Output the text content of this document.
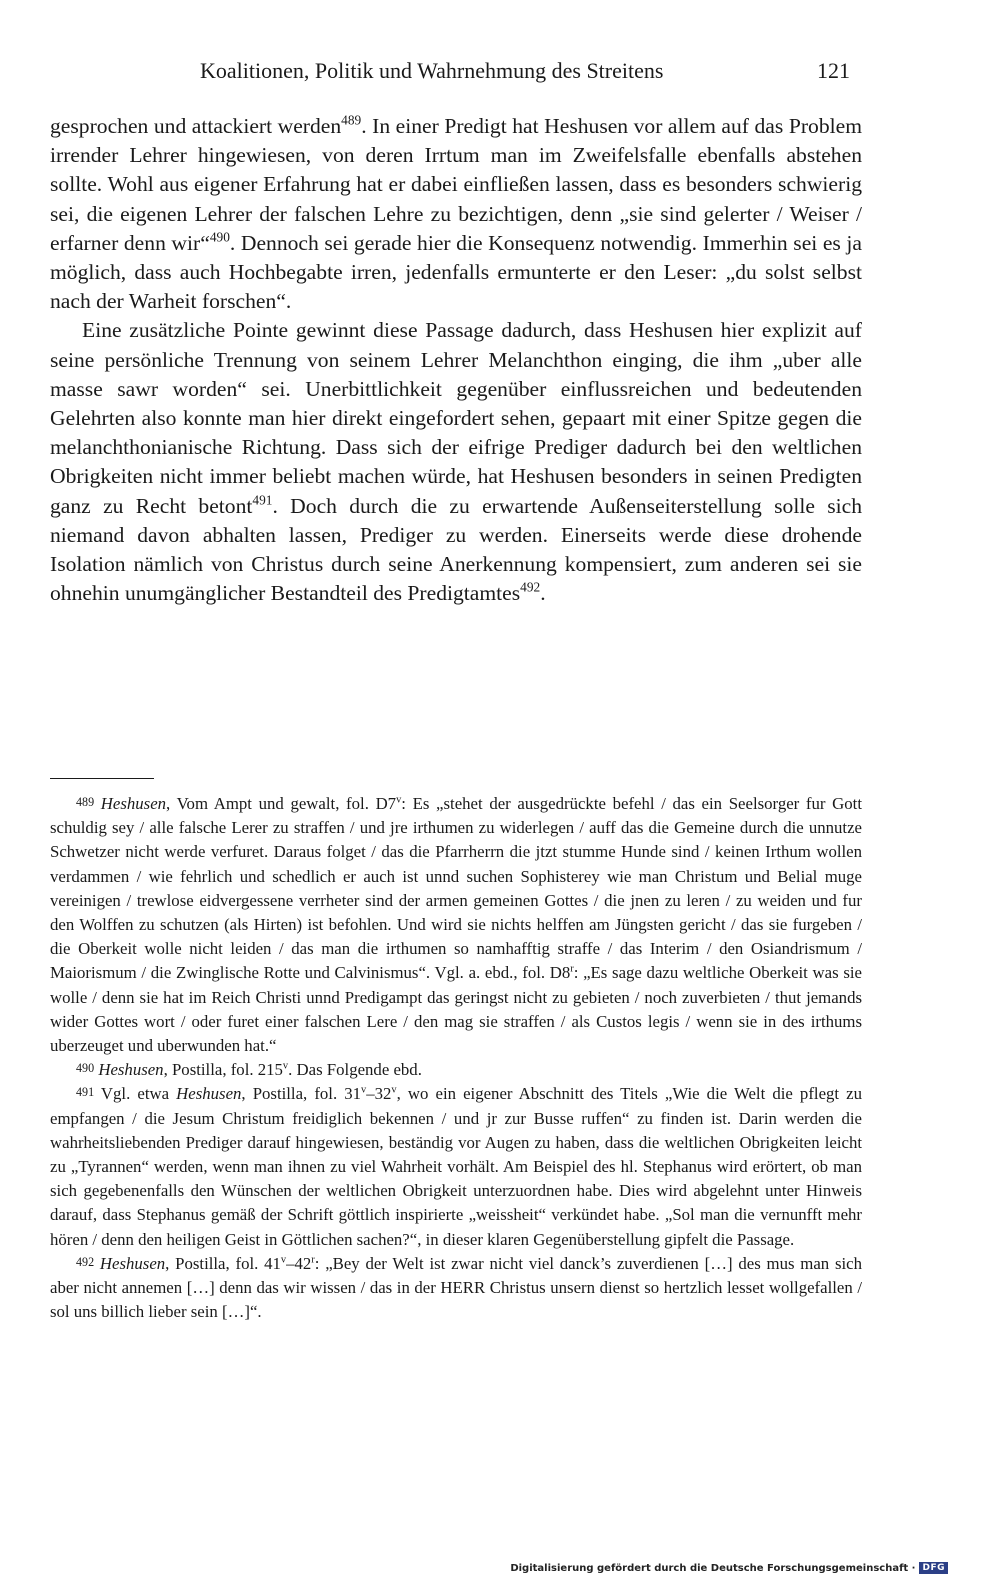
Koalitionen, Politik und Wahrnehmung des Streitens	121

gesprochen und attackiert werden$^{489}$. In einer Predigt hat Heshusen vor allem auf das Problem irrender Lehrer hingewiesen, von deren Irrtum man im Zweifelsfalle ebenfalls abstehen sollte. Wohl aus eigener Erfahrung hat er dabei einfließen lassen, dass es besonders schwierig sei, die eigenen Lehrer der falschen Lehre zu bezichtigen, denn „sie sind gelerter / Weiser / erfarner denn wir“$^{490}$. Dennoch sei gerade hier die Konsequenz notwendig. Immerhin sei es ja möglich, dass auch Hochbegabte irren, jedenfalls ermunterte er den Leser: „du solst selbst nach der Warheit forschen“.

Eine zusätzliche Pointe gewinnt diese Passage dadurch, dass Heshusen hier explizit auf seine persönliche Trennung von seinem Lehrer Melanchthon einging, die ihm „uber alle masse sawr worden“ sei. Unerbittlichkeit gegenüber einflussreichen und bedeutenden Gelehrten also konnte man hier direkt eingefordert sehen, gepaart mit einer Spitze gegen die melanchthonianische Richtung. Dass sich der eifrige Prediger dadurch bei den weltlichen Obrigkeiten nicht immer beliebt machen würde, hat Heshusen besonders in seinen Predigten ganz zu Recht betont$^{491}$. Doch durch die zu erwartende Außenseiterstellung solle sich niemand davon abhalten lassen, Prediger zu werden. Einerseits werde diese drohende Isolation nämlich von Christus durch seine Anerkennung kompensiert, zum anderen sei sie ohnehin unumgänglicher Bestandteil des Predigtamtes$^{492}$.

489 Heshusen, Vom Ampt und gewalt, fol. D7$^v$: Es „stehet der ausgedrückte befehl / das ein Seelsorger fur Gott schuldig sey / alle falsche Lerer zu straffen / und jre irthumen zu widerlegen / auff das die Gemeine durch die unnutze Schwetzer nicht werde verfuret. Daraus folget / das die Pfarrherrn die jtzt stumme Hunde sind / keinen Irthum wollen verdammen / wie fehrlich und schedlich er auch ist unnd suchen Sophisterey wie man Christum und Belial muge vereinigen / trewlose eidvergessene verrheter sind der armen gemeinen Gottes / die jnen zu leren / zu weiden und fur den Wolffen zu schutzen (als Hirten) ist befohlen. Und wird sie nichts helffen am Jüngsten gericht / das sie furgeben / die Oberkeit wolle nicht leiden / das man die irthumen so namhafftig straffe / das Interim / den Osiandrismum / Maiorismum / die Zwinglische Rotte und Calvinismus“. Vgl. a. ebd., fol. D8$^r$: „Es sage dazu weltliche Oberkeit was sie wolle / denn sie hat im Reich Christi unnd Predigampt das geringst nicht zu gebieten / noch zuverbieten / thut jemands wider Gottes wort / oder furet einer falschen Lere / den mag sie straffen / als Custos legis / wenn sie in des irthums uberzeuget und uberwunden hat.“

490 Heshusen, Postilla, fol. 215$^v$. Das Folgende ebd.

491 Vgl. etwa Heshusen, Postilla, fol. 31$^v$–32$^v$, wo ein eigener Abschnitt des Titels „Wie die Welt die pflegt zu empfangen / die Jesum Christum freidiglich bekennen / und jr zur Busse ruffen“ zu finden ist. Darin werden die wahrheitsliebenden Prediger darauf hingewiesen, beständig vor Augen zu haben, dass die weltlichen Obrigkeiten leicht zu „Tyrannen“ werden, wenn man ihnen zu viel Wahrheit vorhält. Am Beispiel des hl. Stephanus wird erörtert, ob man sich gegebenenfalls den Wünschen der weltlichen Obrigkeit unterzuordnen habe. Dies wird abgelehnt unter Hinweis darauf, dass Stephanus gemäß der Schrift göttlich inspirierte „weissheit“ verkündet habe. „Sol man die vernunfft mehr hören / denn den heiligen Geist in Göttlichen sachen?“, in dieser klaren Gegenüberstellung gipfelt die Passage.

492 Heshusen, Postilla, fol. 41$^v$–42$^r$: „Bey der Welt ist zwar nicht viel danck’s zuverdienen […] des mus man sich aber nicht annemen […] denn das wir wissen / das in der HERR Christus unsern dienst so hertzlich lesset wollgefallen / sol uns billich lieber sein […]“.

Digitalisierung gefördert durch die Deutsche Forschungsgemeinschaft · DFG
